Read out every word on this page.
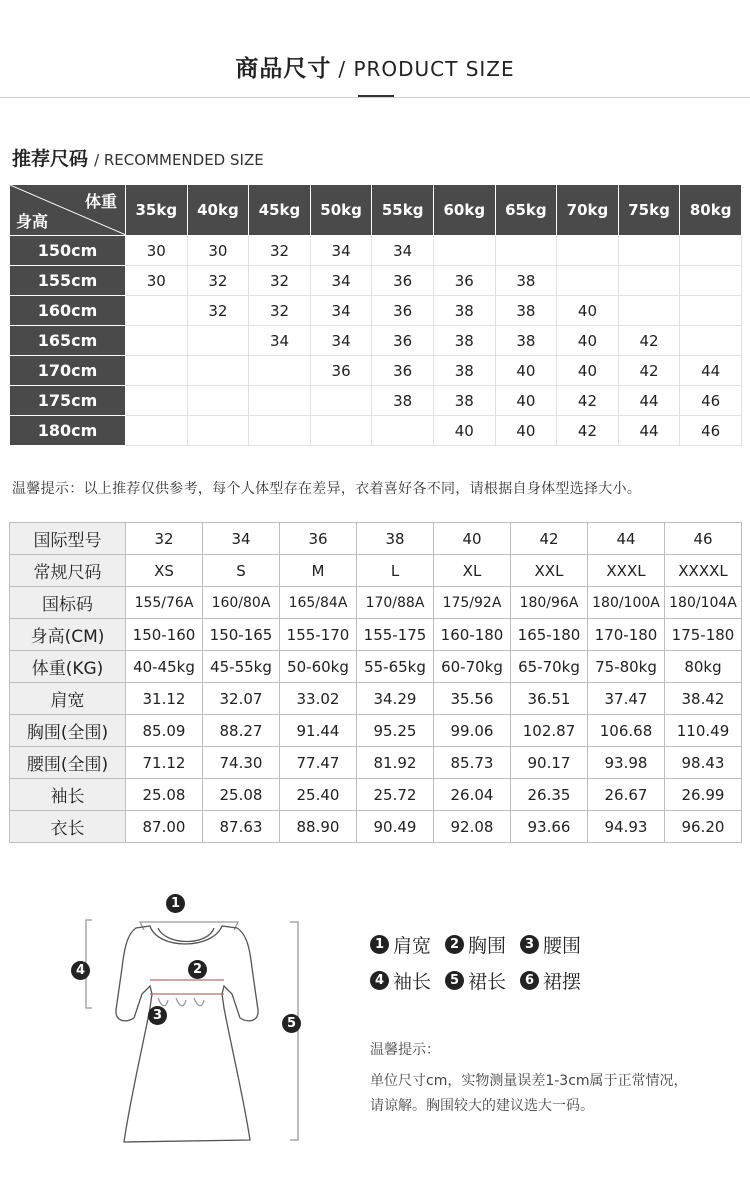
商品尺寸 / PRODUCT SIZE
推荐尺码 / RECOMMENDED SIZE
体重
身高	35kg	40kg	45kg	50kg	55kg	60kg	65kg	70kg	75kg	80kg
150cm	30	30	32	34	34					
155cm	30	32	32	34	36	36	38			
160cm		32	32	34	36	38	38	40		
165cm			34	34	36	38	38	40	42	
170cm				36	36	38	40	40	42	44
175cm					38	38	40	42	44	46
180cm						40	40	42	44	46
温馨提示：以上推荐仅供参考，每个人体型存在差异，衣着喜好各不同，请根据自身体型选择大小。
国际型号	32	34	36	38	40	42	44	46
常规尺码	XS	S	M	L	XL	XXL	XXXL	XXXXL
国标码	155/76A	160/80A	165/84A	170/88A	175/92A	180/96A	180/100A	180/104A
身高(CM)	150-160	150-165	155-170	155-175	160-180	165-180	170-180	175-180
体重(KG)	40-45kg	45-55kg	50-60kg	55-65kg	60-70kg	65-70kg	75-80kg	80kg
肩宽	31.12	32.07	33.02	34.29	35.56	36.51	37.47	38.42
胸围(全围)	85.09	88.27	91.44	95.25	99.06	102.87	106.68	110.49
腰围(全围)	71.12	74.30	77.47	81.92	85.73	90.17	93.98	98.43
袖长	25.08	25.08	25.40	25.72	26.04	26.35	26.67	26.99
衣长	87.00	87.63	88.90	90.49	92.08	93.66	94.93	96.20
1
2
3
4
5
1 肩宽	2 胸围	3 腰围
4 袖长	5 裙长	6 裙摆
温馨提示：
单位尺寸cm，实物测量误差1-3cm属于正常情况，请谅解。胸围较大的建议选大一码。
